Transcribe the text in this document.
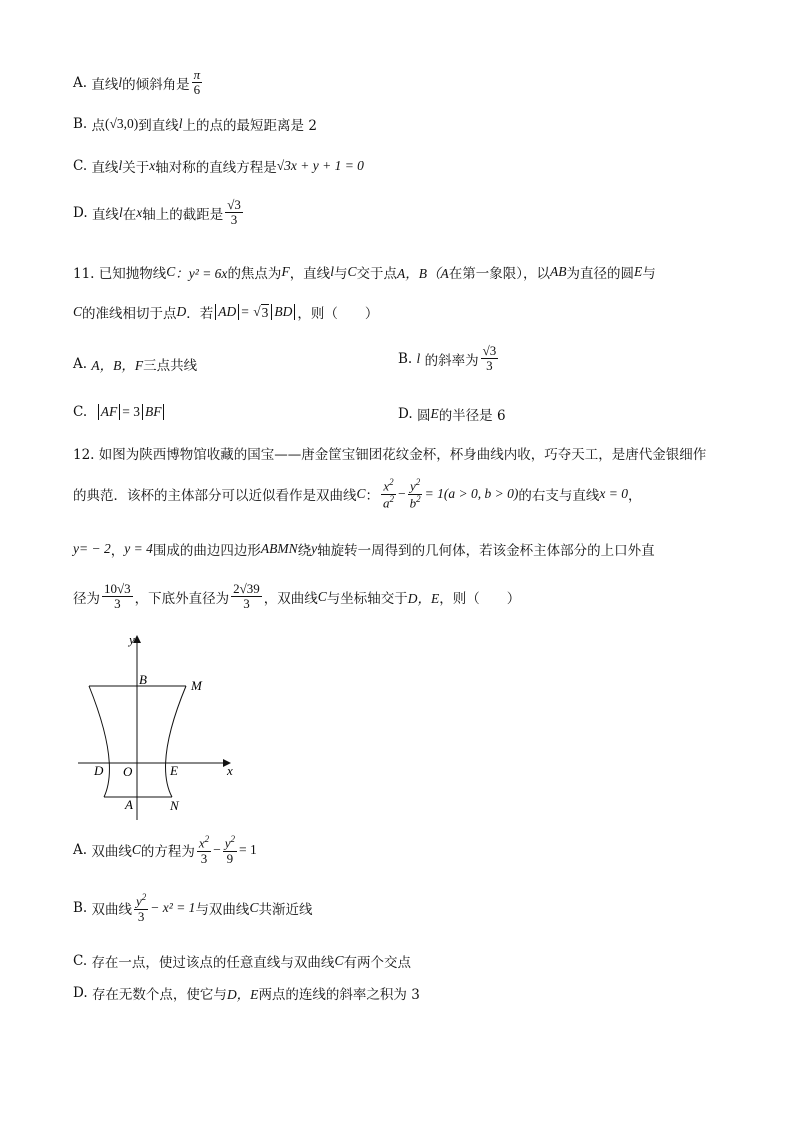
A.
直线 l 的倾斜角是 $\frac{\pi}{6}$
B.
点 (√3,0) 到直线 l 上的点的最短距离是 2
C.
直线 l 关于 x 轴对称的直线方程是 √3x + y + 1 = 0
D.
直线 l 在 x 轴上的截距是 $\frac{√3}{3}$
11. 已知抛物线 C ：y² = 6x 的焦点为 F ，直线 l 与 C 交于点 A，B（A 在第一象限），以 AB 为直径的圆 E 与
C 的准线相切于点 D ．若 AD =
√ 3 BD ，则（　　）
A.
A，B，F 三点共线	B.
l
的斜率为 $\frac{√3}{3}$
C.
AF = 3 BF	D.
圆 E 的半径是 6
12. 如图为陕西博物馆收藏的国宝——唐金筐宝钿团花纹金杯，杯身曲线内收，巧夺天工，是唐代金银细作
的典范．该杯的主体部分可以近似看作是双曲线 C ： $\frac{x^2}{a^2} - \frac{y^2}{b^2} = 1(a > 0$, b > 0) 的右支与直线 x = 0 ，
y= − 2 ， y = 4 围成的曲边四边形 ABMN 绕 y 轴旋转一周得到的几何体，若该金杯主体部分的上口外直
径为 $\frac{10√3}{3}$ ，下底外直径为 $\frac{2√39}{3}$ ，双曲线 C 与坐标轴交于 D，E ，则（　　）
y
x
B	M
D O	E
A	N
A.
双曲线 C 的方程为 $\frac{x^2}{3} - \frac{y^2}{9} = 1$
B.
双曲线 $\frac{y^2}{3} - x^2 = 1$ 与双曲线 C 共渐近线
C.
存在一点，使过该点的任意直线与双曲线 C 有两个交点
D.
存在无数个点，使它与 D，E 两点的连线的斜率之积为 3
